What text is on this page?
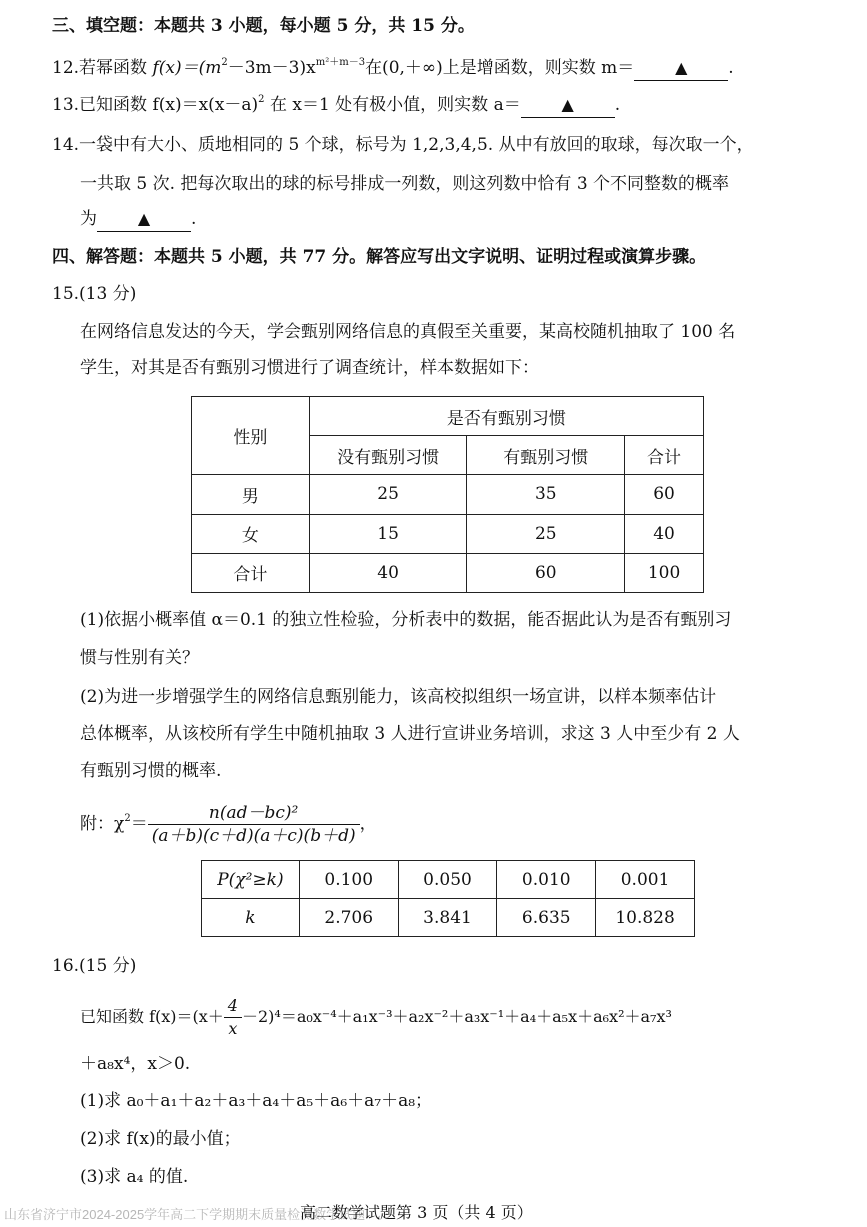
三、填空题：本题共 3 小题，每小题 5 分，共 15 分。
12.若幂函数 $f(x)=(m^2-3m-3)x^{m^2+m-3}$在(0,＋∞)上是增函数，则实数 m＝	▲ .
13.已知函数 $f(x)=x(x-a)^2$ 在 x＝1 处有极小值，则实数 a＝	▲ .
14.一袋中有大小、质地相同的 5 个球，标号为 1,2,3,4,5. 从中有放回的取球，每次取一个，
一共取 5 次. 把每次取出的球的标号排成一列数，则这列数中恰有 3 个不同整数的概率
为	▲ .
四、解答题：本题共 5 小题，共 77 分。解答应写出文字说明、证明过程或演算步骤。
15.(13 分)
在网络信息发达的今天，学会甄别网络信息的真假至关重要，某高校随机抽取了 100 名
学生，对其是否有甄别习惯进行了调查统计，样本数据如下：
性别	是否有甄别习惯		
	没有甄别习惯	有甄别习惯	合计
男	25	35	60
女	15	25	40
合计	40	60	100
(1)依据小概率值 α＝0.1 的独立性检验，分析表中的数据，能否据此认为是否有甄别习
惯与性别有关？
(2)为进一步增强学生的网络信息甄别能力，该高校拟组织一场宣讲，以样本频率估计
总体概率，从该校所有学生中随机抽取 3 人进行宣讲业务培训，求这 3 人中至少有 2 人
有甄别习惯的概率.
附：$\chi^2= \frac{\text{n(ad－bc)²}}{(a+b)(c+d)(a+c)(b+d)}$ ，
P(χ²≥k)	0.100	0.050	0.010	0.001
k	2.706	3.841	6.635	10.828
16.(15 分)
已知函数 $f(x)=(x+ \frac{4}{x} -2)^4=a_0x^{-4}+a_1x^{-3}+a_2x^{-2}+a_3x^{-1}+a_4+a_5x+a_6x^2+a_7x^3$
＋a₈x⁴，x＞0.
(1)求 a₀＋a₁＋a₂＋a₃＋a₄＋a₅＋a₆＋a₇＋a₈；
(2)求 f(x)的最小值；
(3)求 a₄ 的值.
山东省济宁市2024-2025学年高二下学期期末质量检测数学试题
高二数学试题第 3 页（共 4 页）
